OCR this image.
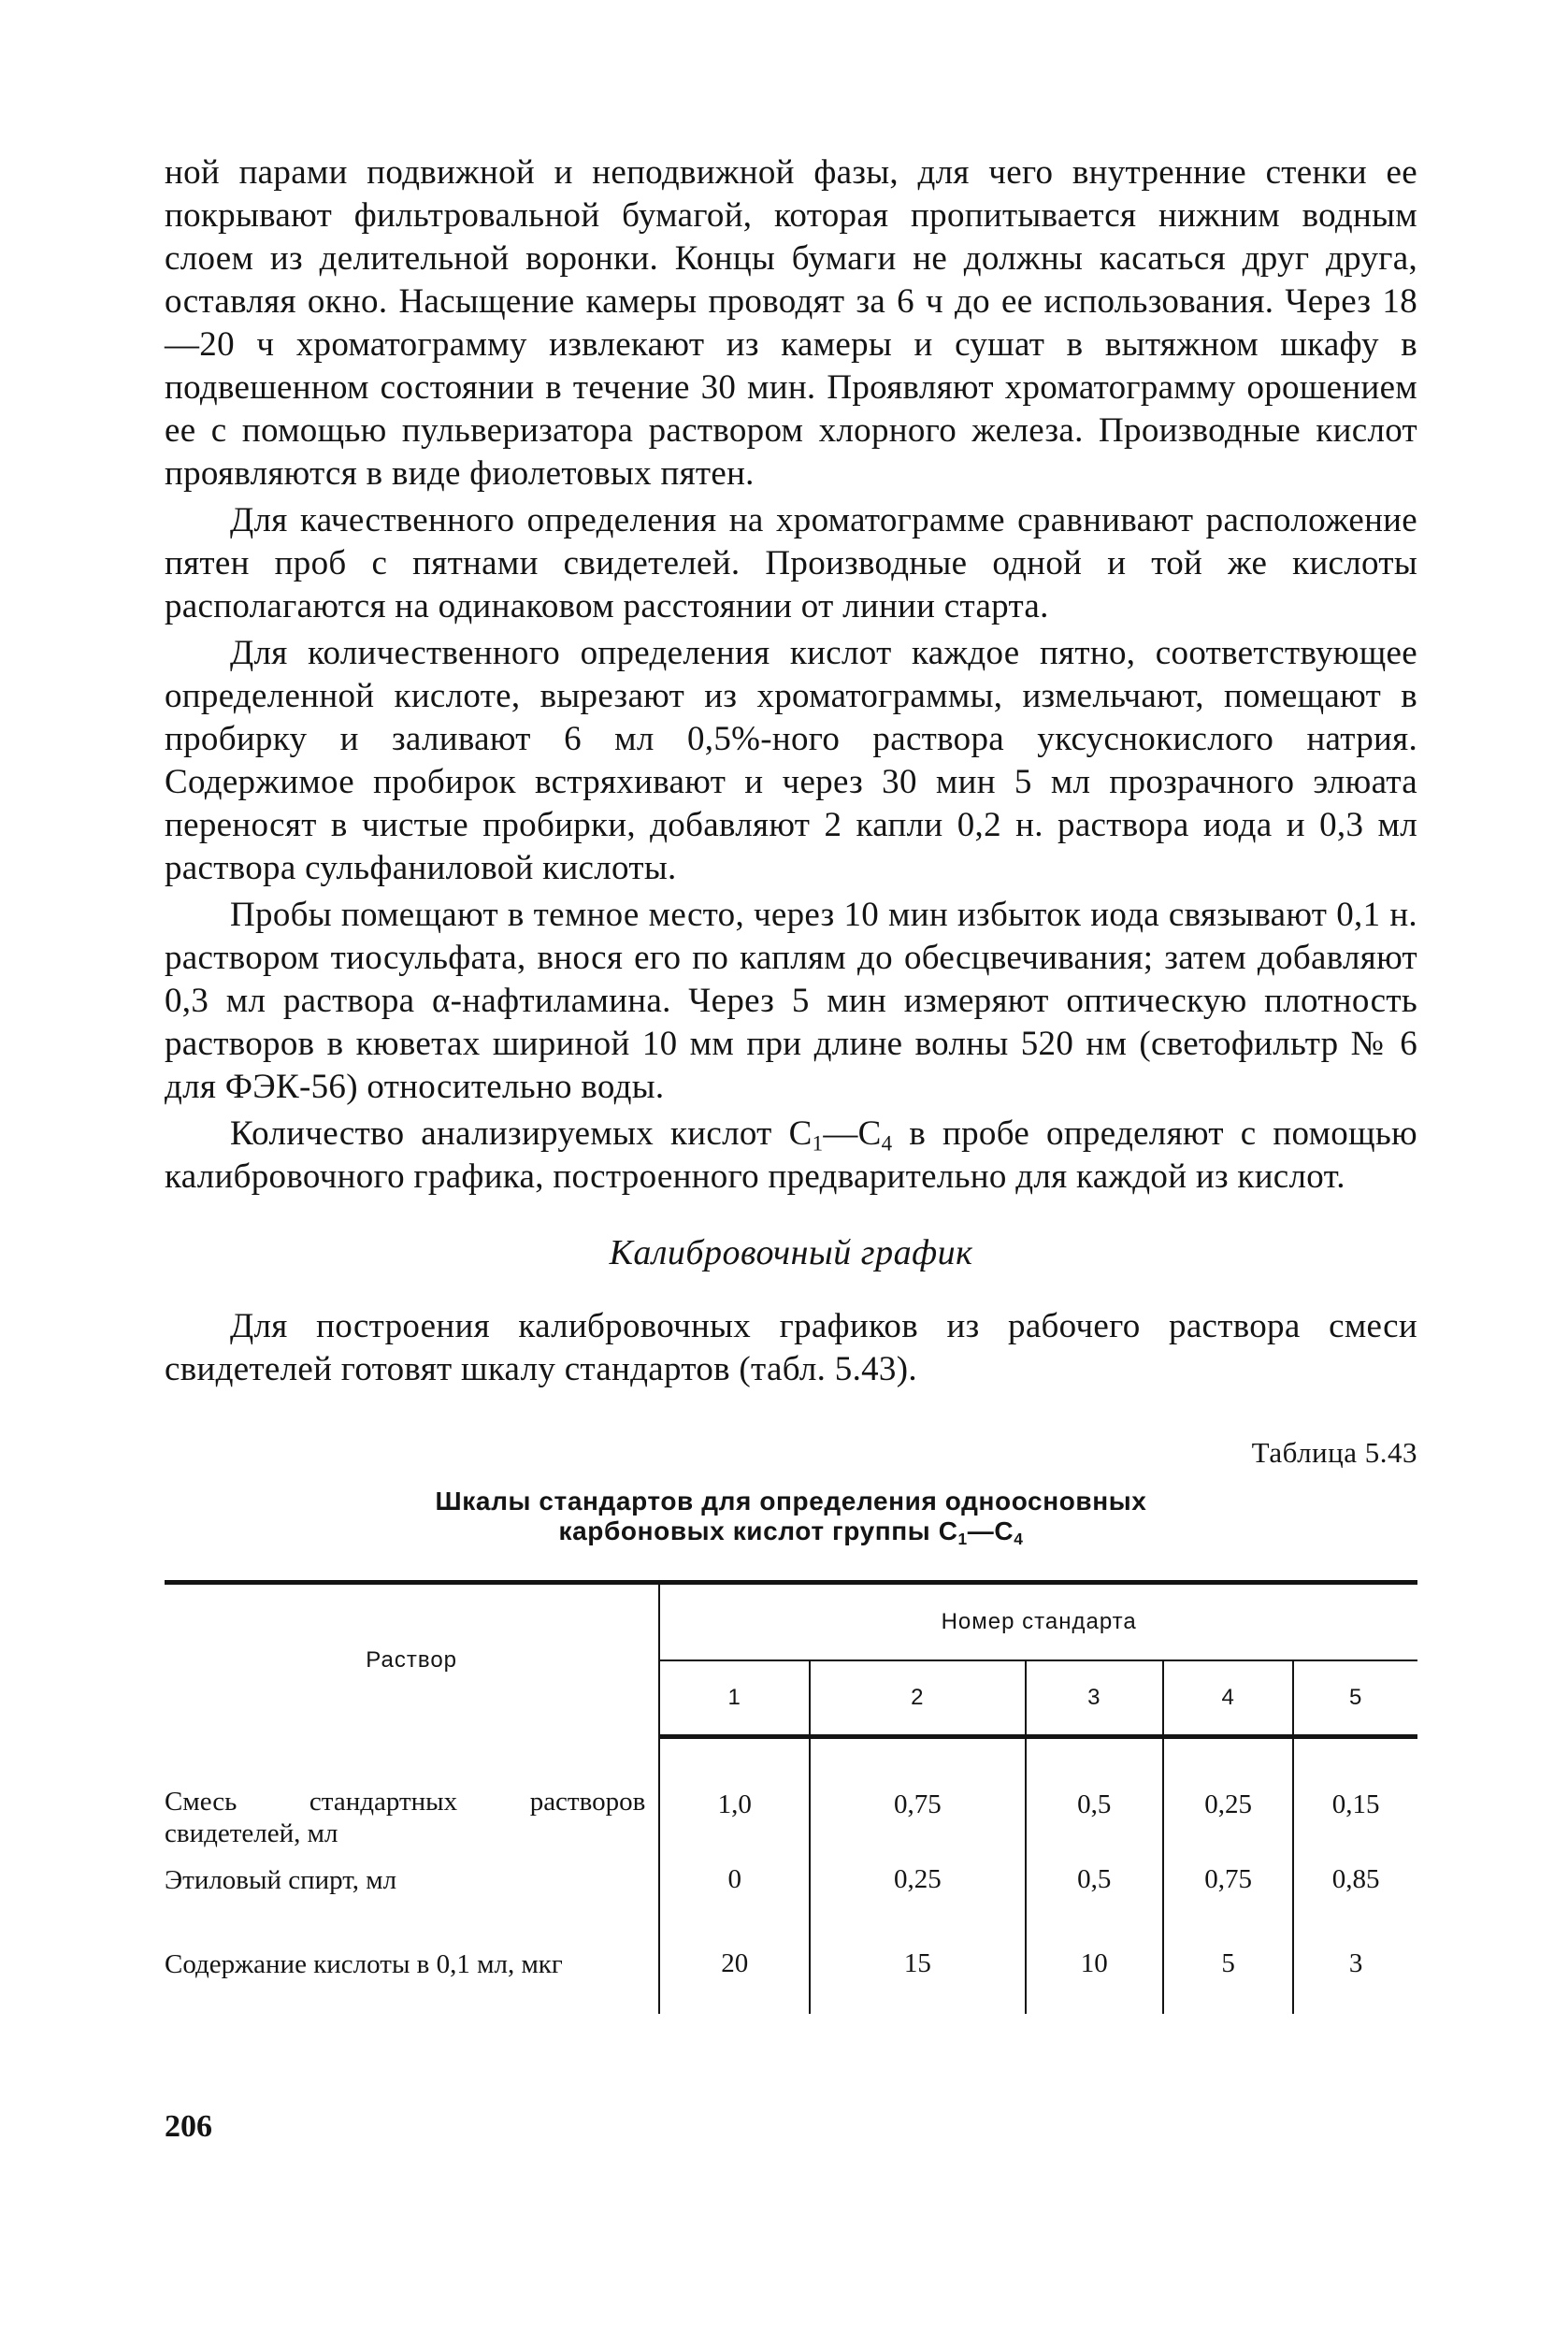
ной парами подвижной и неподвижной фазы, для чего внутренние стенки ее покрывают фильтровальной бумагой, которая пропитывается нижним водным слоем из делительной воронки. Концы бумаги не должны касаться друг друга, оставляя окно. Насыщение камеры проводят за 6 ч до ее использования. Через 18—20 ч хроматограмму извлекают из камеры и сушат в вытяжном шкафу в подвешенном состоянии в течение 30 мин. Проявляют хроматограмму орошением ее с помощью пульверизатора раствором хлорного железа. Производные кислот проявляются в виде фиолетовых пятен.

Для качественного определения на хроматограмме сравнивают расположение пятен проб с пятнами свидетелей. Производные одной и той же кислоты располагаются на одинаковом расстоянии от линии старта.

Для количественного определения кислот каждое пятно, соответствующее определенной кислоте, вырезают из хроматограммы, измельчают, помещают в пробирку и заливают 6 мл 0,5%-ного раствора уксуснокислого натрия. Содержимое пробирок встряхивают и через 30 мин 5 мл прозрачного элюата переносят в чистые пробирки, добавляют 2 капли 0,2 н. раствора иода и 0,3 мл раствора сульфаниловой кислоты.

Пробы помещают в темное место, через 10 мин избыток иода связывают 0,1 н. раствором тиосульфата, внося его по каплям до обесцвечивания; затем добавляют 0,3 мл раствора α-нафтиламина. Через 5 мин измеряют оптическую плотность растворов в кюветах шириной 10 мм при длине волны 520 нм (светофильтр № 6 для ФЭК-56) относительно воды.

Количество анализируемых кислот $C_1—C_4$ в пробе определяют с помощью калибровочного графика, построенного предварительно для каждой из кислот.

Калибровочный график

Для построения калибровочных графиков из рабочего раствора смеси свидетелей готовят шкалу стандартов (табл. 5.43).

Таблица 5.43
Шкалы стандартов для определения одноосновных
карбоновых кислот группы $C_1—C_4$
Раствор	Номер стандарта				
	1	2	3	4	5
Смесь стандартных растворов свидетелей, мл	1,0	0,75	0,5	0,25	0,15
Этиловый спирт, мл	0	0,25	0,5	0,75	0,85
Содержание кислоты в 0,1 мл, мкг	20	15	10	5	3
206
